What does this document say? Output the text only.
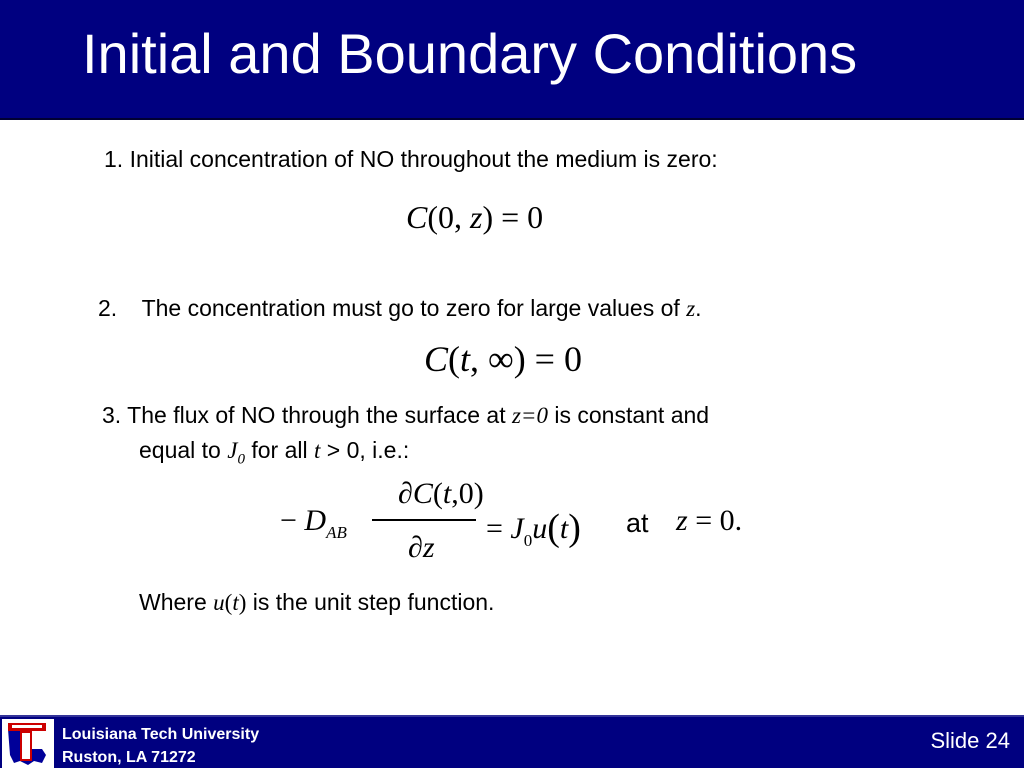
Initial and Boundary Conditions
1. Initial concentration of NO throughout the medium is zero:
C(0, z) = 0
2. The concentration must go to zero for large values of z.
C(t, ∞) = 0
3. The flux of NO through the surface at z=0 is constant and
equal to $J_0$ for all t > 0, i.e.:
− $D_{AB}$
∂C(t,0)
∂z
= $J_0u(t)$ at z = 0.
Where u(t) is the unit step function.
Louisiana Tech University
Ruston, LA 71272
Slide 24
